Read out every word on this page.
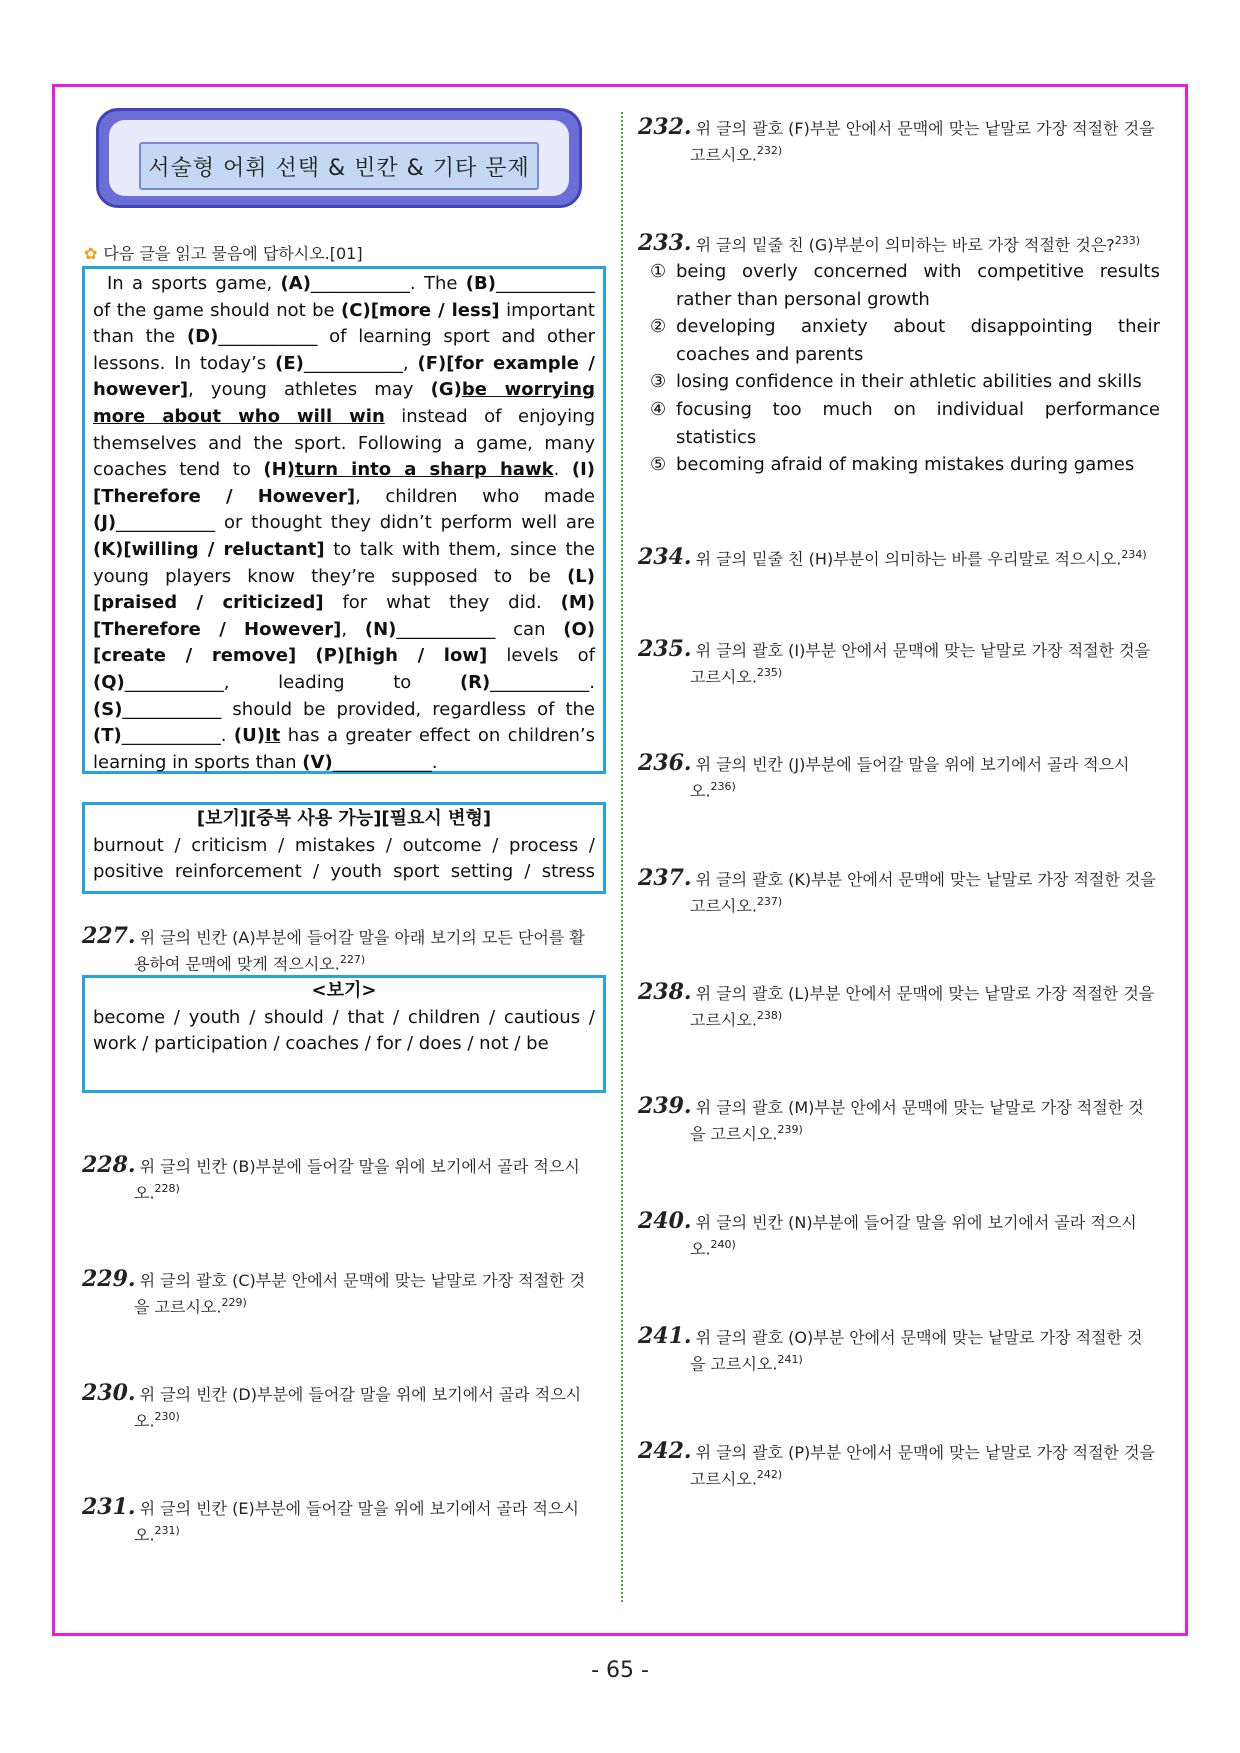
서술형 어휘 선택 & 빈칸 & 기타 문제
✿ 다음 글을 읽고 물음에 답하시오.[01]

In a sports game, (A)___________. The (B)___________ of the game should not be (C)[more / less] important than the (D)___________ of learning sport and other lessons. In today’s (E)___________, (F)[for example / however], young athletes may (G)be worrying more about who will win instead of enjoying themselves and the sport. Following a game, many coaches tend to (H)turn into a sharp hawk. (I)[Therefore / However], children who made (J)___________ or thought they didn’t perform well are (K)[willing / reluctant] to talk with them, since the young players know they’re supposed to be (L)[praised / criticized] for what they did. (M)[Therefore / However], (N)___________ can (O)[create / remove] (P)[high / low] levels of (Q)___________, leading to (R)___________. (S)___________ should be provided, regardless of the (T)___________. (U)It has a greater effect on children’s learning in sports than (V)___________.

[보기][중복 사용 가능][필요시 변형]
burnout / criticism / mistakes / outcome / process / positive reinforcement / youth sport setting / stress
<보기>
become / youth / should / that / children / cautious / work / participation / coaches / for / does / not / be
227. 위 글의 빈칸 (A)부분에 들어갈 말을 아래 보기의 모든 단어를 활
용하여 문맥에 맞게 적으시오.$^{227)}$
228. 위 글의 빈칸 (B)부분에 들어갈 말을 위에 보기에서 골라 적으시
오.$^{228)}$
229. 위 글의 괄호 (C)부분 안에서 문맥에 맞는 낱말로 가장 적절한 것
을 고르시오.$^{229)}$
230. 위 글의 빈칸 (D)부분에 들어갈 말을 위에 보기에서 골라 적으시
오.$^{230)}$
231. 위 글의 빈칸 (E)부분에 들어갈 말을 위에 보기에서 골라 적으시
오.$^{231)}$
232. 위 글의 괄호 (F)부분 안에서 문맥에 맞는 낱말로 가장 적절한 것을
고르시오.$^{232)}$
233. 위 글의 밑줄 친 (G)부분이 의미하는 바로 가장 적절한 것은?$^{233)}$
① being overly concerned with competitive results rather than personal growth
② developing anxiety about disappointing their coaches and parents
③ losing confidence in their athletic abilities and skills
④ focusing too much on individual performance statistics
⑤ becoming afraid of making mistakes during games
234. 위 글의 밑줄 친 (H)부분이 의미하는 바를 우리말로 적으시오.$^{234)}$
235. 위 글의 괄호 (I)부분 안에서 문맥에 맞는 낱말로 가장 적절한 것을
고르시오.$^{235)}$
236. 위 글의 빈칸 (J)부분에 들어갈 말을 위에 보기에서 골라 적으시
오.$^{236)}$
237. 위 글의 괄호 (K)부분 안에서 문맥에 맞는 낱말로 가장 적절한 것을
고르시오.$^{237)}$
238. 위 글의 괄호 (L)부분 안에서 문맥에 맞는 낱말로 가장 적절한 것을
고르시오.$^{238)}$
239. 위 글의 괄호 (M)부분 안에서 문맥에 맞는 낱말로 가장 적절한 것
을 고르시오.$^{239)}$
240. 위 글의 빈칸 (N)부분에 들어갈 말을 위에 보기에서 골라 적으시
오.$^{240)}$
241. 위 글의 괄호 (O)부분 안에서 문맥에 맞는 낱말로 가장 적절한 것
을 고르시오.$^{241)}$
242. 위 글의 괄호 (P)부분 안에서 문맥에 맞는 낱말로 가장 적절한 것을
고르시오.$^{242)}$
- 65 -
